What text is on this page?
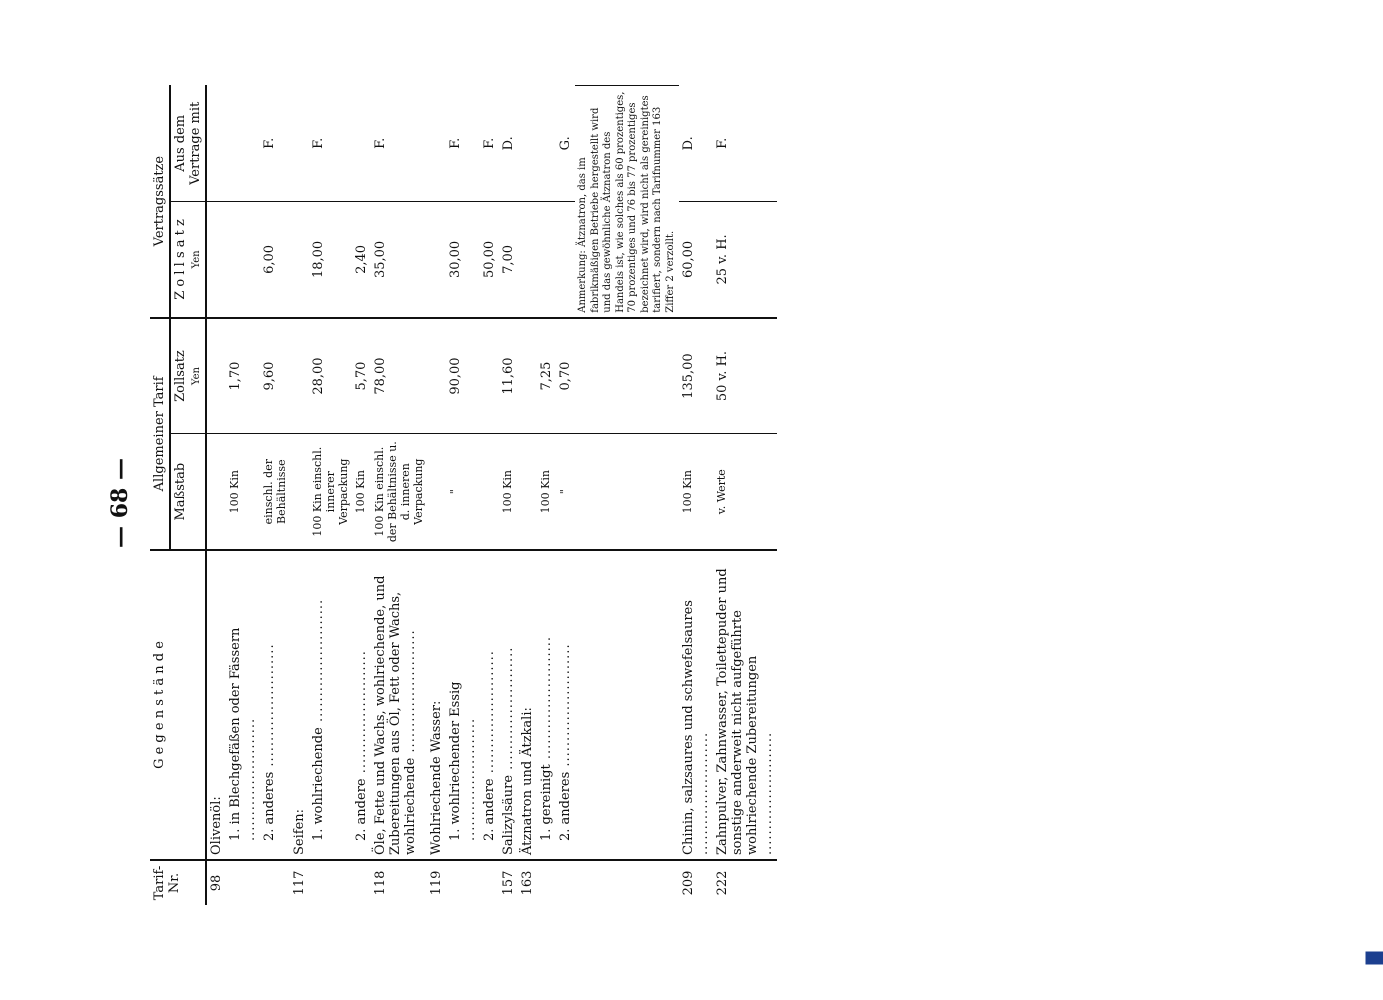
— 68 —
Tarif- Nr.	G e g e n s t ä n d e	Allgemeiner Tarif		Vertragssätze	
		Maßstab	Zollsatz Yen	Z o l l s a t z Yen	Aus dem Vertrage mit
98	Olivenöl:				
	1. in Blechgefäßen oder Fässern .....	100 Kin	1,70		
	2. anderes .....	einschl. der Behältnisse	9,60	6,00	F.
117	Seifen:				
	1. wohlriechende .....	100 Kin einschl. innerer Verpackung	28,00	18,00	F.
	2. andere .....	100 Kin	5,70	2,40	
118	Öle, Fette und Wachs, wohlriechende, und Zubereitungen aus Öl, Fett oder Wachs, wohlriechende .....	100 Kin einschl. der Behältnisse u. d. inneren Verpackung	78,00	35,00	F.
119	Wohlriechende Wasser:				
	1. wohlriechender Essig .....	"	90,00	30,00	F.
	2. andere .....			50,00	F.
157	Salizylsäure .....	100 Kin	11,60	7,00	D.
163	Ätznatron und Ätzkali:				
	1. gereinigt .....	100 Kin	7,25		
	2. anderes .....	"	0,70		G.
				Anmerkung: Ätznatron, das im fabrikmäßigen Betriebe hergestellt wird und das gewöhnliche Ätznatron des Handels ist, wie solches als 60 prozentiges, 70 prozentiges und 76 bis 77 prozentiges bezeichnet wird, wird nicht als gereinigtes tarifiert, sondern nach Tarifnummer 163 Ziffer 2 verzollt.	
209	Chinin, salzsaures und schwefelsaures .....	100 Kin	135,00	60,00	D.
222	Zahnpulver, Zahnwasser, Toilettepuder und sonstige anderweit nicht aufgeführte wohlriechende Zubereitungen .....	v. Werte	50 v. H.	25 v. H.	F.
